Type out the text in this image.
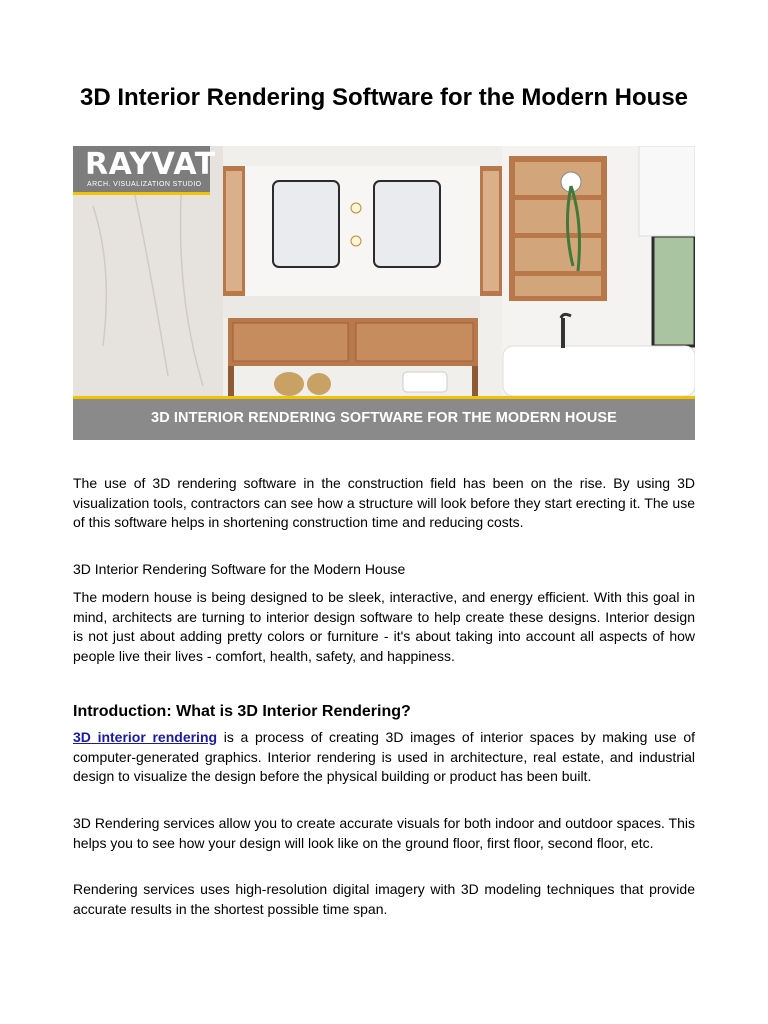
3D Interior Rendering Software for the Modern House
RAYVAT
ARCH. VISUALIZATION STUDIO
3D INTERIOR RENDERING SOFTWARE FOR THE MODERN HOUSE

The use of 3D rendering software in the construction field has been on the rise. By using 3D visualization tools, contractors can see how a structure will look before they start erecting it. The use of this software helps in shortening construction time and reducing costs.

3D Interior Rendering Software for the Modern House

The modern house is being designed to be sleek, interactive, and energy efficient. With this goal in mind, architects are turning to interior design software to help create these designs. Interior design is not just about adding pretty colors or furniture - it's about taking into account all aspects of how people live their lives - comfort, health, safety, and happiness.

Introduction: What is 3D Interior Rendering?

3D interior rendering is a process of creating 3D images of interior spaces by making use of computer-generated graphics. Interior rendering is used in architecture, real estate, and industrial design to visualize the design before the physical building or product has been built.

3D Rendering services allow you to create accurate visuals for both indoor and outdoor spaces. This helps you to see how your design will look like on the ground floor, first floor, second floor, etc.

Rendering services uses high-resolution digital imagery with 3D modeling techniques that provide accurate results in the shortest possible time span.
